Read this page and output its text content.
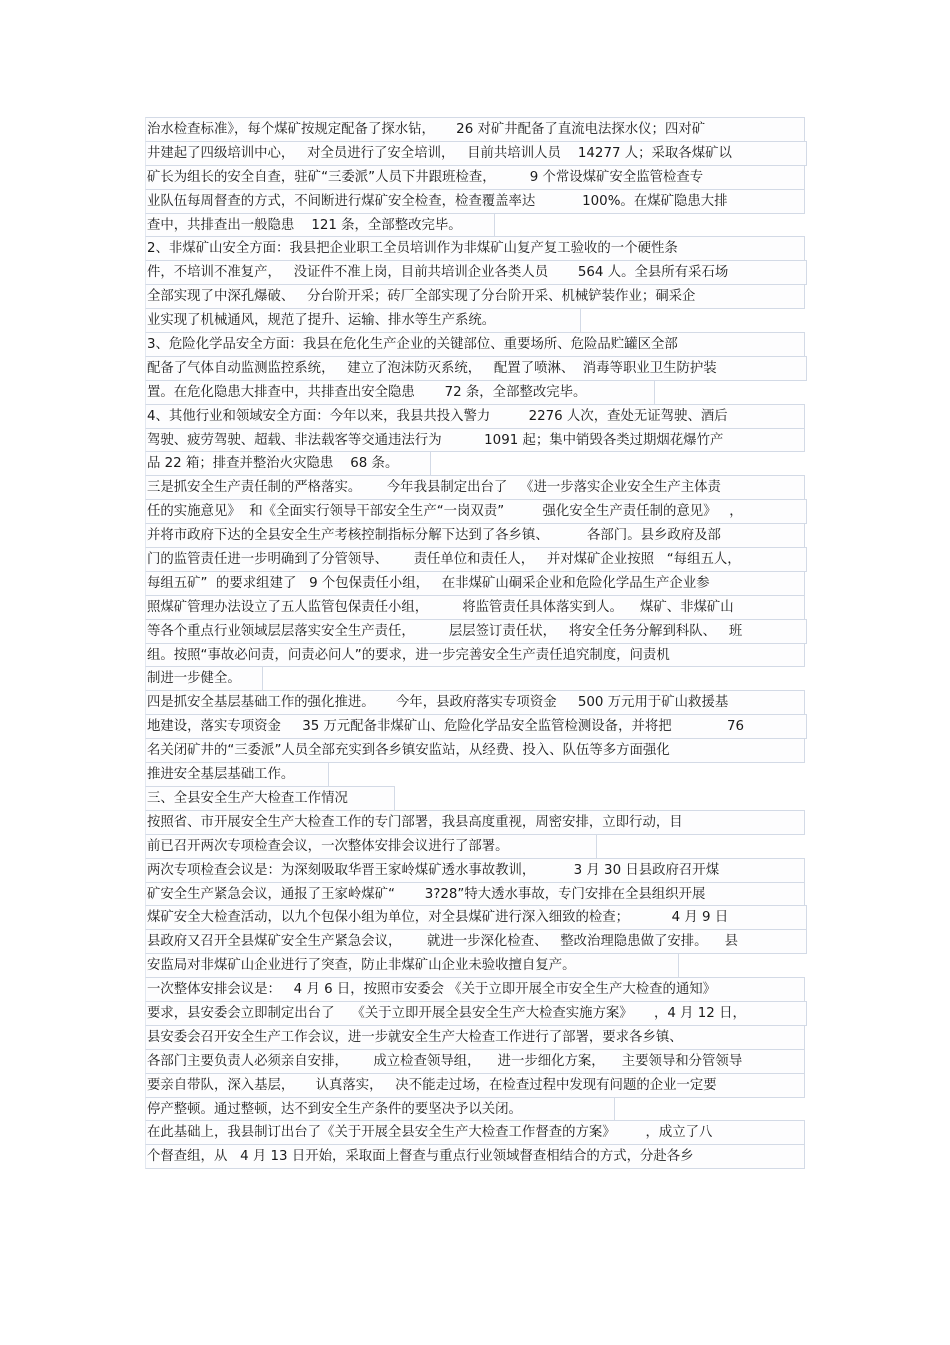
治水检查标准》，每个煤矿按规定配备了探水钻，     26 对矿井配备了直流电法探水仪；四对矿
井建起了四级培训中心，   对全员进行了安全培训，   目前共培训人员    14277 人；采取各煤矿以
矿长为组长的安全自查，驻矿“三委派”人员下井跟班检查，        9 个常设煤矿安全监管检查专
业队伍每周督查的方式，不间断进行煤矿安全检查，检查覆盖率达           100%。在煤矿隐患大排
查中，共排查出一般隐患    121 条，全部整改完毕。
2、非煤矿山安全方面：我县把企业职工全员培训作为非煤矿山复产复工验收的一个硬性条
件，不培训不准复产，   没证件不准上岗，目前共培训企业各类人员       564 人。全县所有采石场
全部实现了中深孔爆破、   分台阶开采；砖厂全部实现了分台阶开采、机械铲装作业；硐采企
业实现了机械通风，规范了提升、运输、排水等生产系统。
3、危险化学品安全方面：我县在危化生产企业的关键部位、重要场所、危险品贮罐区全部
配备了气体自动监测监控系统，   建立了泡沫防灭系统，   配置了喷淋、  消毒等职业卫生防护装
置。在危化隐患大排查中，共排查出安全隐患       72 条，全部整改完毕。
4、其他行业和领域安全方面：今年以来，我县共投入警力         2276 人次，查处无证驾驶、酒后
驾驶、疲劳驾驶、超载、非法载客等交通违法行为          1091 起；集中销毁各类过期烟花爆竹产
品 22 箱；排查并整治火灾隐患    68 条。
三是抓安全生产责任制的严格落实。      今年我县制定出台了   《进一步落实企业安全生产主体责
任的实施意见》  和《全面实行领导干部安全生产“一岗双责”         强化安全生产责任制的意见》   ，
并将市政府下达的全县安全生产考核控制指标分解下达到了各乡镇、         各部门。县乡政府及部
门的监管责任进一步明确到了分管领导、      责任单位和责任人，   并对煤矿企业按照   “每组五人，
每组五矿”  的要求组建了   9 个包保责任小组，   在非煤矿山硐采企业和危险化学品生产企业参
照煤矿管理办法设立了五人监管包保责任小组，        将监管责任具体落实到人。    煤矿、非煤矿山
等各个重点行业领域层层落实安全生产责任，        层层签订责任状，   将安全任务分解到科队、   班
组。按照“事故必问责，问责必问人”的要求，进一步完善安全生产责任追究制度，问责机
制进一步健全。
四是抓安全基层基础工作的强化推进。     今年，县政府落实专项资金     500 万元用于矿山救援基
地建设，落实专项资金     35 万元配备非煤矿山、危险化学品安全监管检测设备，并将把             76
名关闭矿井的“三委派”人员全部充实到各乡镇安监站，从经费、投入、队伍等多方面强化
推进安全基层基础工作。
三、全县安全生产大检查工作情况
按照省、市开展安全生产大检查工作的专门部署，我县高度重视，周密安排，立即行动，目
前已召开两次专项检查会议，一次整体安排会议进行了部署。
两次专项检查会议是：为深刻吸取华晋王家岭煤矿透水事故教训，         3 月 30 日县政府召开煤
矿安全生产紧急会议，通报了王家岭煤矿“       3?28”特大透水事故，专门安排在全县组织开展
煤矿安全大检查活动，以九个包保小组为单位，对全县煤矿进行深入细致的检查；          4 月 9 日
县政府又召开全县煤矿安全生产紧急会议，      就进一步深化检查、   整改治理隐患做了安排。    县
安监局对非煤矿山企业进行了突查，防止非煤矿山企业未验收擅自复产。
一次整体安排会议是：   4 月 6 日，按照市安委会 《关于立即开展全市安全生产大检查的通知》
要求，县安委会立即制定出台了    《关于立即开展全县安全生产大检查实施方案》     ，4 月 12 日，
县安委会召开安全生产工作会议，进一步就安全生产大检查工作进行了部署，要求各乡镇、
各部门主要负责人必须亲自安排，      成立检查领导组，    进一步细化方案，    主要领导和分管领导
要亲自带队，深入基层，     认真落实，   决不能走过场，在检查过程中发现有问题的企业一定要
停产整顿。通过整顿，达不到安全生产条件的要坚决予以关闭。
在此基础上，我县制订出台了《关于开展全县安全生产大检查工作督查的方案》       ，成立了八
个督查组，从   4 月 13 日开始，采取面上督查与重点行业领域督查相结合的方式，分赴各乡
